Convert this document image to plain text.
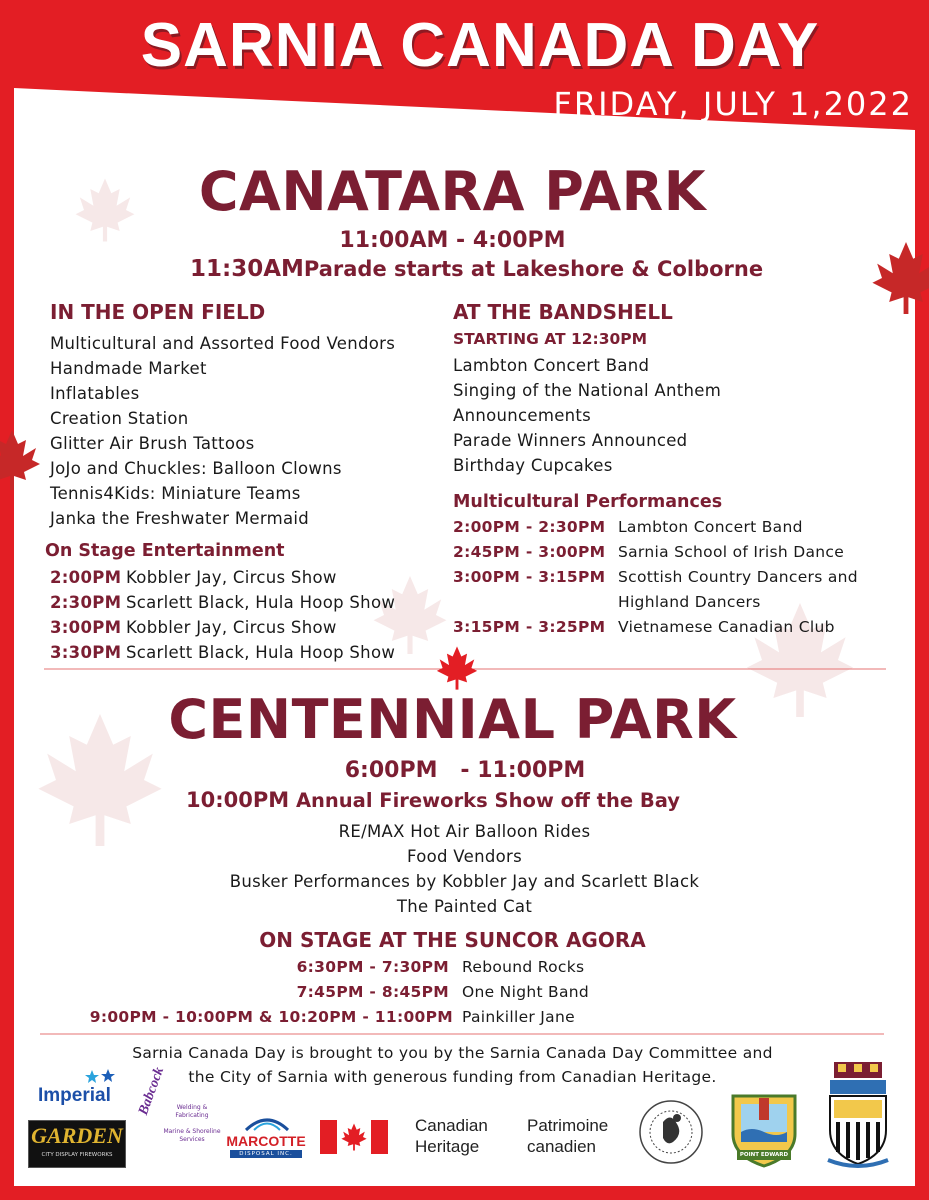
SARNIA CANADA DAY
FRIDAY, JULY 1,2022
CANATARA PARK
11:00AM - 4:00PM
11:30AMParade starts at Lakeshore & Colborne
IN THE OPEN FIELD
Multicultural and Assorted Food Vendors
Handmade Market
Inflatables
Creation Station
Glitter Air Brush Tattoos
JoJo and Chuckles: Balloon Clowns
Tennis4Kids: Miniature Teams
Janka the Freshwater Mermaid
On Stage Entertainment
2:00PM Kobbler Jay, Circus Show
2:30PM Scarlett Black, Hula Hoop Show
3:00PM Kobbler Jay, Circus Show
3:30PM Scarlett Black, Hula Hoop Show
AT THE BANDSHELL
STARTING AT 12:30PM
Lambton Concert Band
Singing of the National Anthem
Announcements
Parade Winners Announced
Birthday Cupcakes
Multicultural Performances
2:00PM - 2:30PM Lambton Concert Band
2:45PM - 3:00PM Sarnia School of Irish Dance
3:00PM - 3:15PM Scottish Country Dancers and
Highland Dancers
3:15PM - 3:25PM Vietnamese Canadian Club
CENTENNIAL PARK
6:00PM   - 11:00PM
10:00PM Annual Fireworks Show off the Bay
RE/MAX Hot Air Balloon Rides
Food Vendors
Busker Performances by Kobbler Jay and Scarlett Black
The Painted Cat
ON STAGE AT THE SUNCOR AGORA
6:30PM - 7:30PM Rebound Rocks
7:45PM - 8:45PM One Night Band
9:00PM - 10:00PM & 10:20PM - 11:00PM Painkiller Jane
Sarnia Canada Day is brought to you by the Sarnia Canada Day Committee and
the City of Sarnia with generous funding from Canadian Heritage.
Imperial
GARDEN
CITY DISPLAY FIREWORKS
Babcock	Welding &
Fabricating
Marine & Shoreline
Services	MARCOTTE
DISPOSAL INC.
Canadian
Heritage
Patrimoine
canadien	POINT EDWARD
